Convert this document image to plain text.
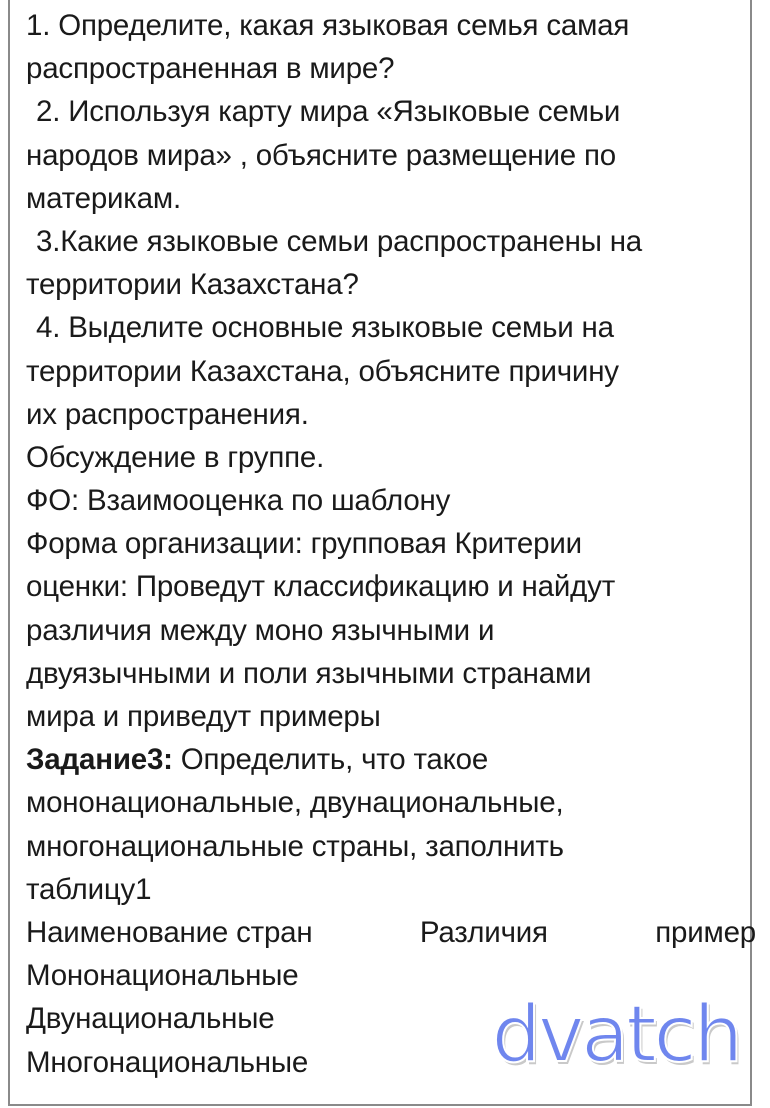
1. Определите, какая языковая семья самая
распространенная в мире?
2. Используя карту мира «Языковые семьи
народов мира» , объясните размещение по
материкам.
3.Какие языковые семьи распространены на
территории Казахстана?
4. Выделите основные языковые семьи на
территории Казахстана, объясните причину
их распространения.
Обсуждение в группе.
ФО: Взаимооценка по шаблону
Форма организации: групповая Критерии
оценки: Проведут классификацию и найдут
различия между моно язычными и
двуязычными и поли язычными странами
мира и приведут примеры
Задание3: Определить, что такое
мононациональные, двунациональные,
многонациональные страны, заполнить
таблицу1
Наименование стран	Различия	пример
Мононациональные
Двунациональные
Многонациональные	dvatch
